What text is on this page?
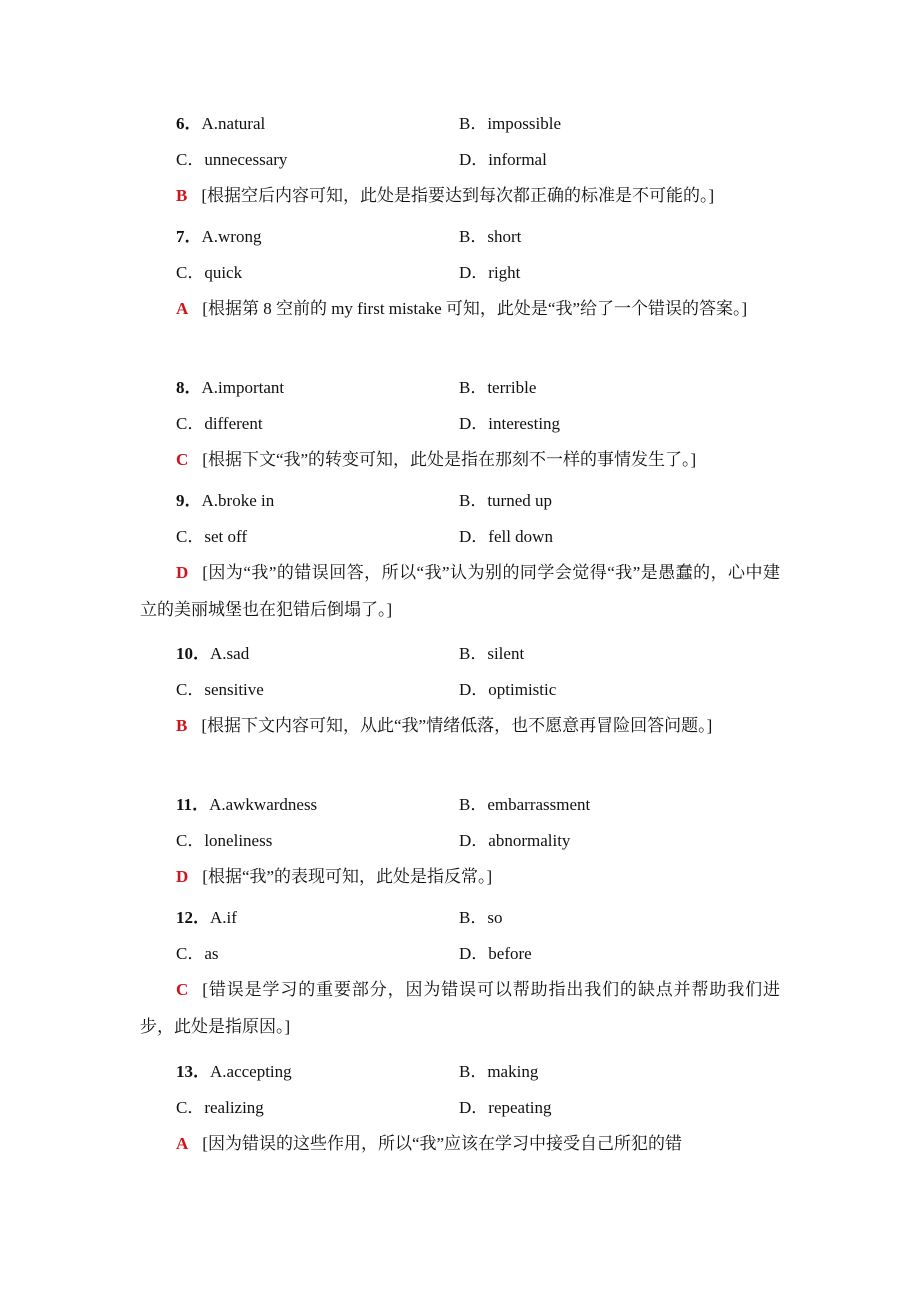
6．A.natural	B．impossible
C．unnecessary	D．informal
B [根据空后内容可知，此处是指要达到每次都正确的标准是不可能的。]
7．A.wrong	B．short
C．quick	D．right
A [根据第 8 空前的 my first mistake 可知，此处是“我”给了一个错误的答案。]
8．A.important	B．terrible
C．different	D．interesting
C [根据下文“我”的转变可知，此处是指在那刻不一样的事情发生了。]
9．A.broke in	B．turned up
C．set off	D．fell down
D [因为“我”的错误回答，所以“我”认为别的同学会觉得“我”是愚蠢的，心中建立的美丽城堡也在犯错后倒塌了。]
10．A.sad	B．silent
C．sensitive	D．optimistic
B [根据下文内容可知，从此“我”情绪低落，也不愿意再冒险回答问题。]
11．A.awkwardness	B．embarrassment
C．loneliness	D．abnormality
D [根据“我”的表现可知，此处是指反常。]
12．A.if	B．so
C．as	D．before
C [错误是学习的重要部分，因为错误可以帮助指出我们的缺点并帮助我们进步，此处是指原因。]
13．A.accepting	B．making
C．realizing	D．repeating
A [因为错误的这些作用，所以“我”应该在学习中接受自己所犯的错
